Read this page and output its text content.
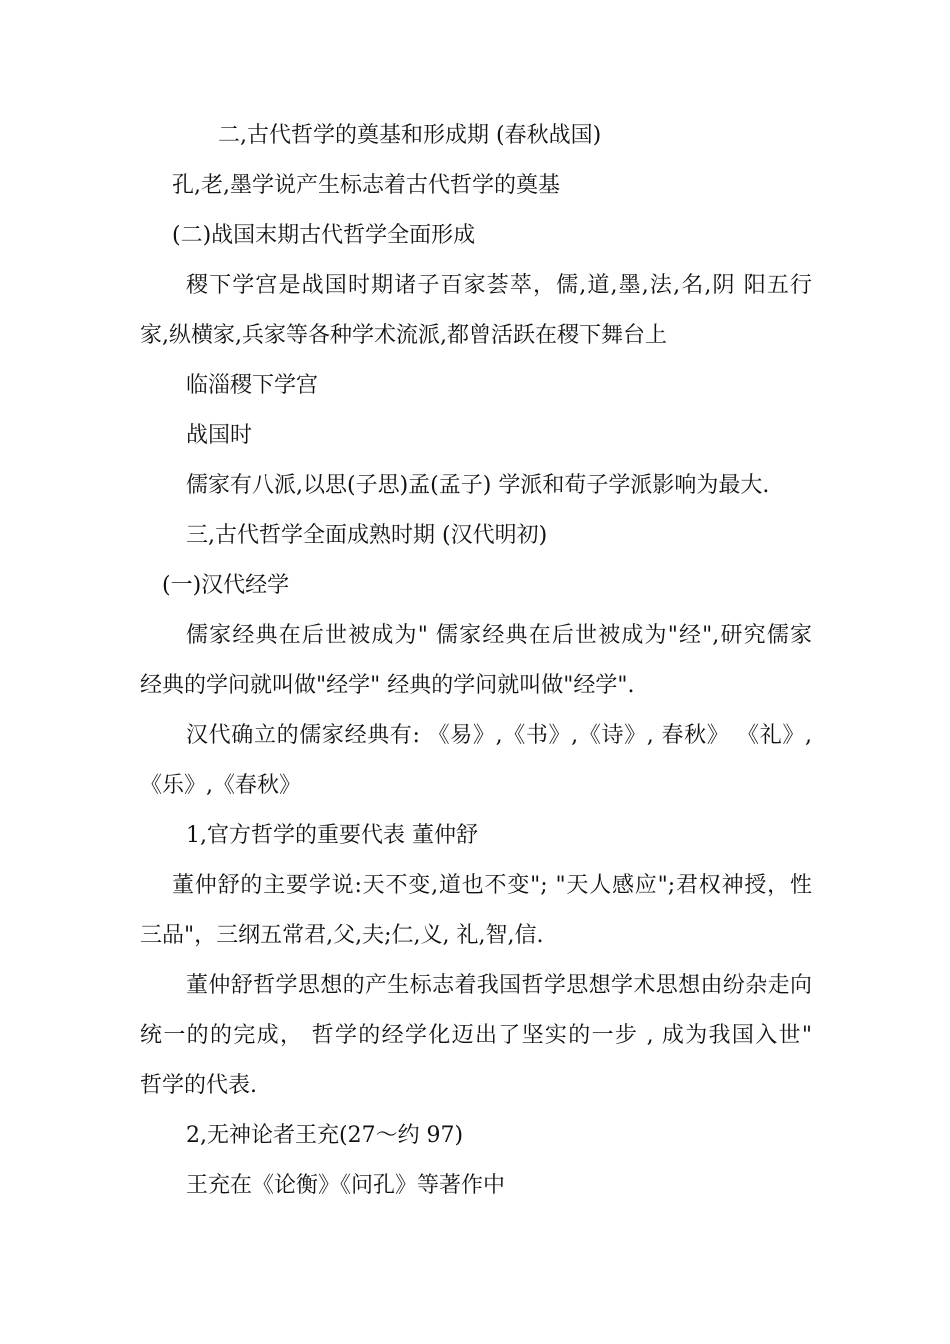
二,古代哲学的奠基和形成期 (春秋战国)
孔,老,墨学说产生标志着古代哲学的奠基
(二)战国末期古代哲学全面形成
稷下学宫是战国时期诸子百家荟萃，儒,道,墨,法,名,阴 阳五行
家,纵横家,兵家等各种学术流派,都曾活跃在稷下舞台上
临淄稷下学宫
战国时
儒家有八派,以思(子思)孟(孟子) 学派和荀子学派影响为最大.
三,古代哲学全面成熟时期 (汉代明初)
(一)汉代经学
儒家经典在后世被成为" 儒家经典在后世被成为"经",研究儒家
经典的学问就叫做"经学" 经典的学问就叫做"经学".
汉代确立的儒家经典有: 《易》,《书》,《诗》, 春秋》 《礼》,
《乐》,《春秋》
1,官方哲学的重要代表 董仲舒
董仲舒的主要学说:天不变,道也不变"; "天人感应";君权神授，性
三品"，三纲五常君,父,夫;仁,义, 礼,智,信.
董仲舒哲学思想的产生标志着我国哲学思想学术思想由纷杂走向
统一的的完成， 哲学的经学化迈出了坚实的一步 , 成为我国入世"
哲学的代表.
2,无神论者王充(27～约 97)
王充在《论衡》《问孔》等著作中
